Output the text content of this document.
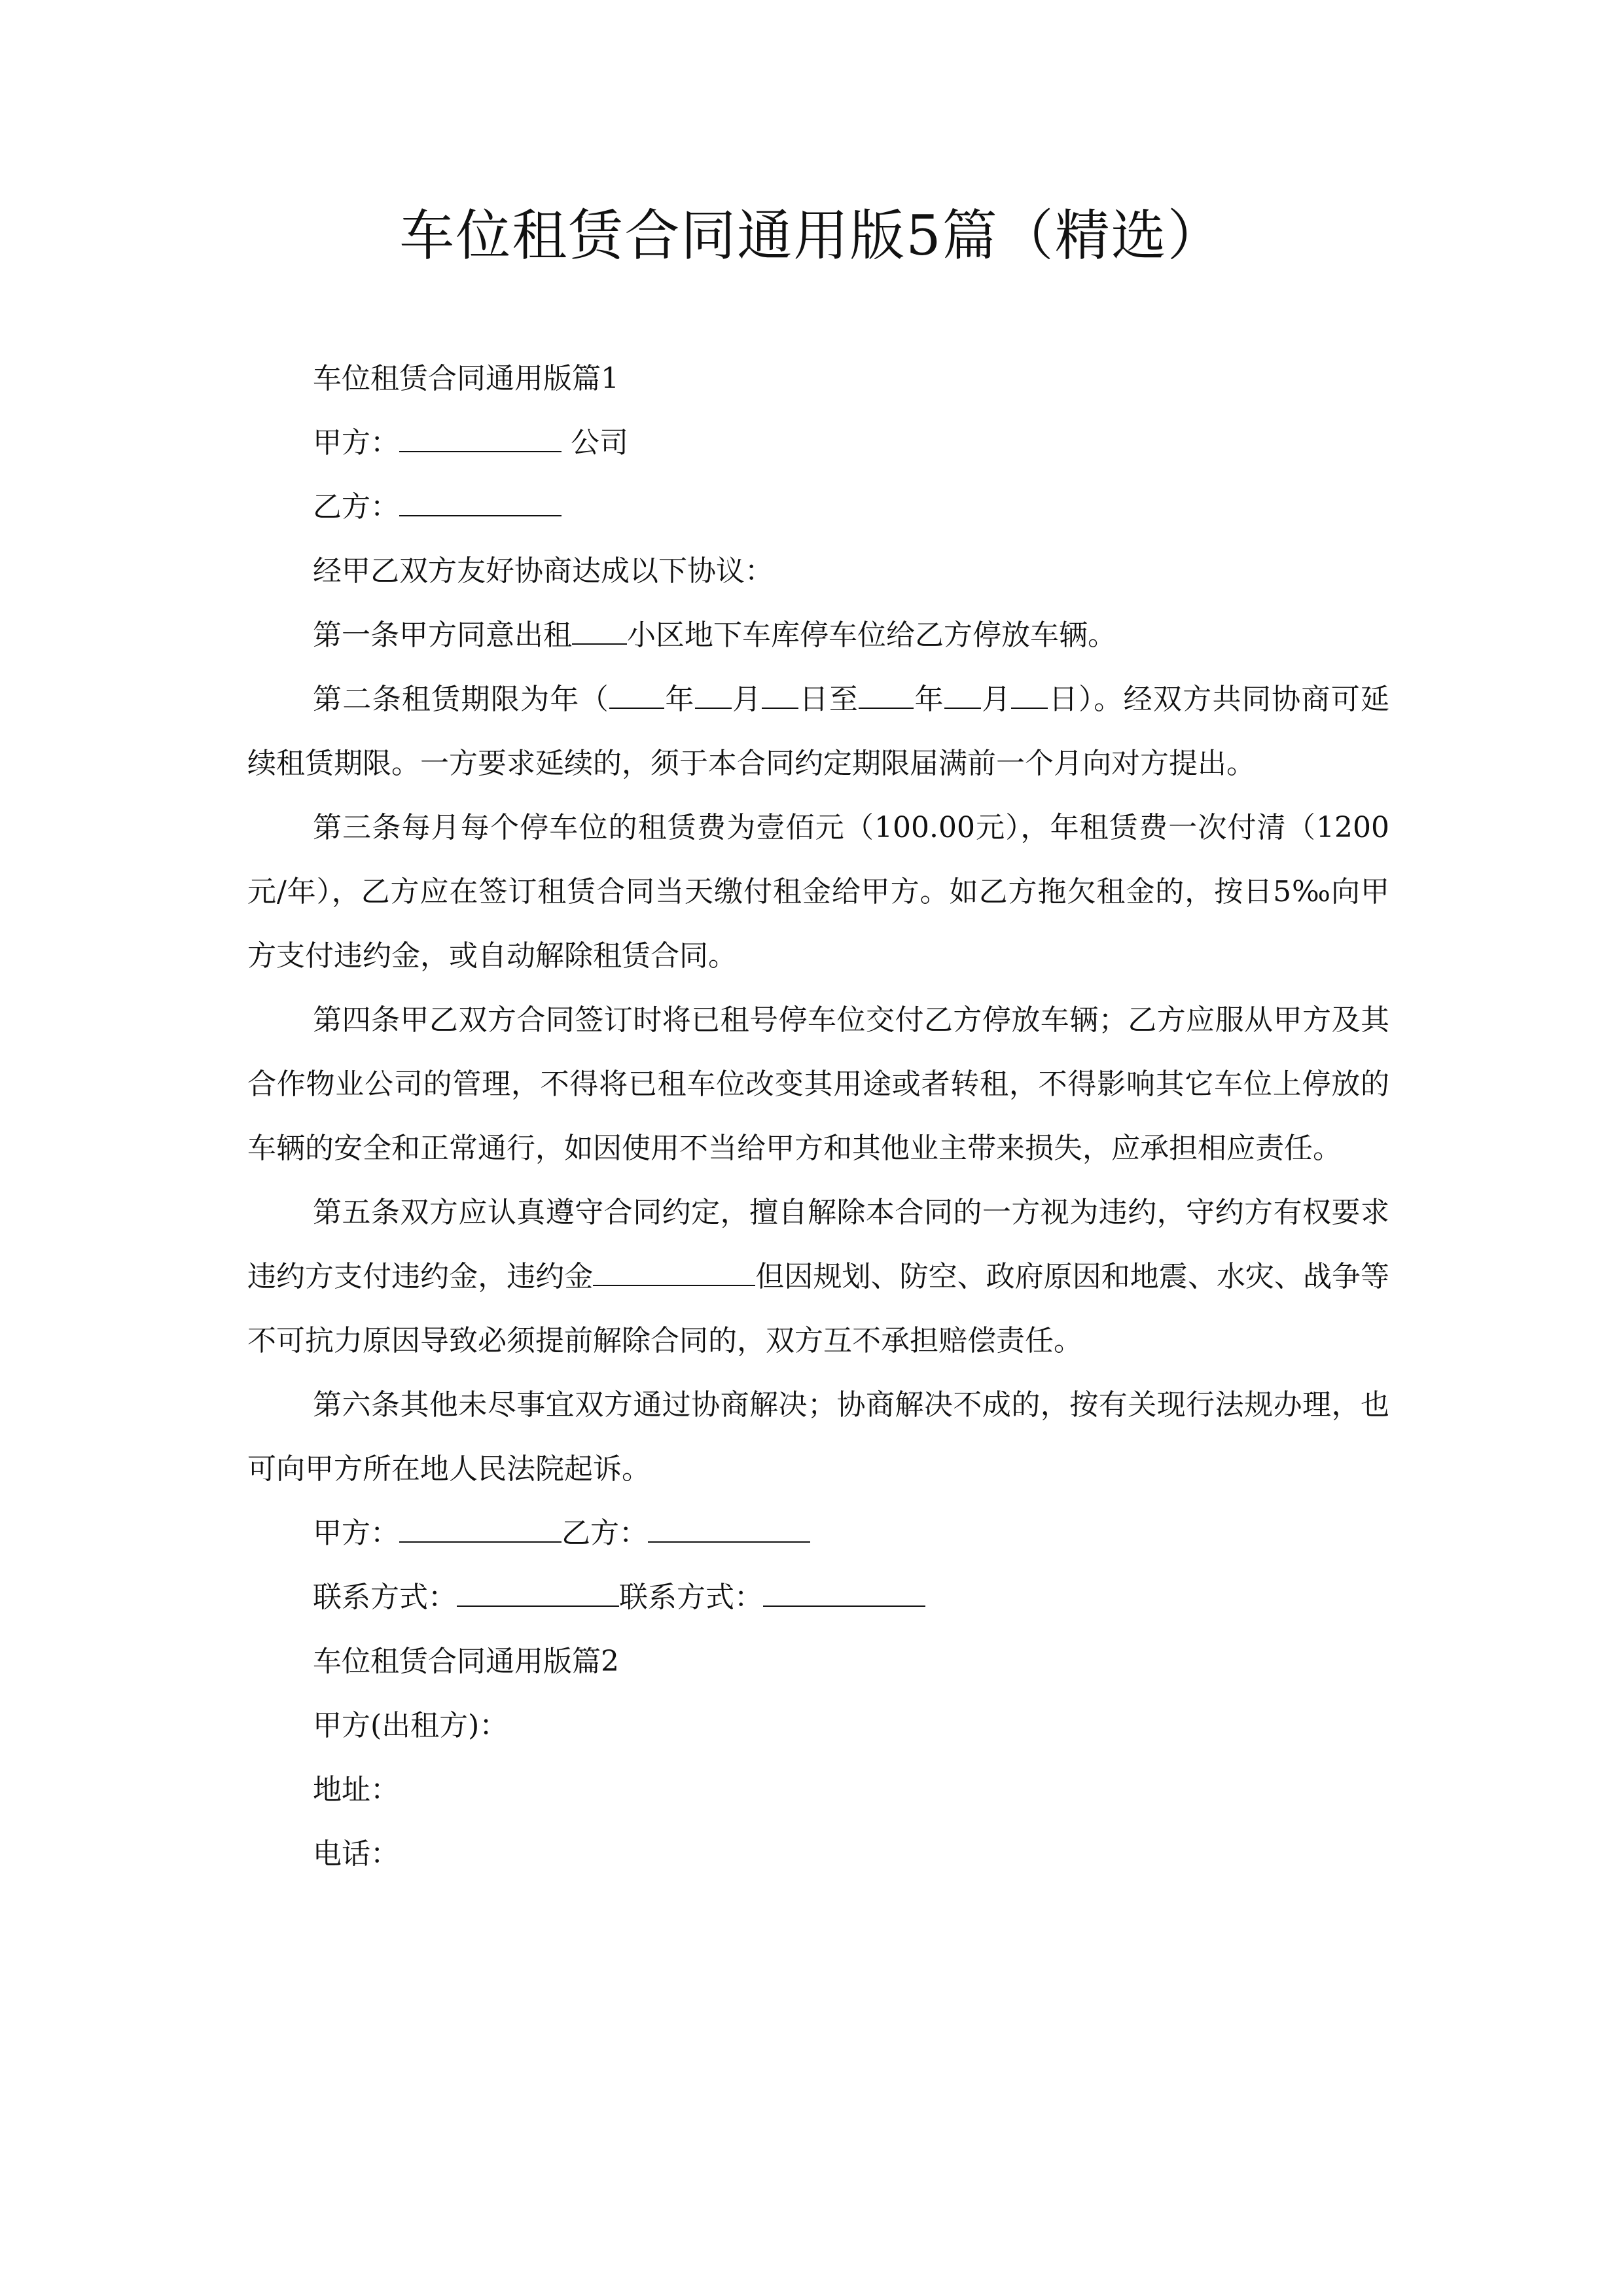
车位租赁合同通用版5篇（精选）

车位租赁合同通用版篇1

甲方：	公司

乙方：

经甲乙双方友好协商达成以下协议：

第一条甲方同意出租 小区地下车库停车位给乙方停放车辆。

第二条租赁期限为年（ 年 月 日至 年 月 日）。经双方共同协商可延续租赁期限。一方要求延续的，须于本合同约定期限届满前一个月向对方提出。

第三条每月每个停车位的租赁费为壹佰元（100.00元），年租赁费一次付清（1200元/年），乙方应在签订租赁合同当天缴付租金给甲方。如乙方拖欠租金的，按日5‰向甲方支付违约金，或自动解除租赁合同。

第四条甲乙双方合同签订时将已租号停车位交付乙方停放车辆；乙方应服从甲方及其合作物业公司的管理，不得将已租车位改变其用途或者转租，不得影响其它车位上停放的车辆的安全和正常通行，如因使用不当给甲方和其他业主带来损失，应承担相应责任。

第五条双方应认真遵守合同约定，擅自解除本合同的一方视为违约，守约方有权要求违约方支付违约金，违约金	但因规划、防空、政府原因和地震、水灾、战争等不可抗力原因导致必须提前解除合同的，双方互不承担赔偿责任。

第六条其他未尽事宜双方通过协商解决；协商解决不成的，按有关现行法规办理，也可向甲方所在地人民法院起诉。

甲方：	乙方：

联系方式：	联系方式：

车位租赁合同通用版篇2

甲方(出租方)：

地址：

电话：
